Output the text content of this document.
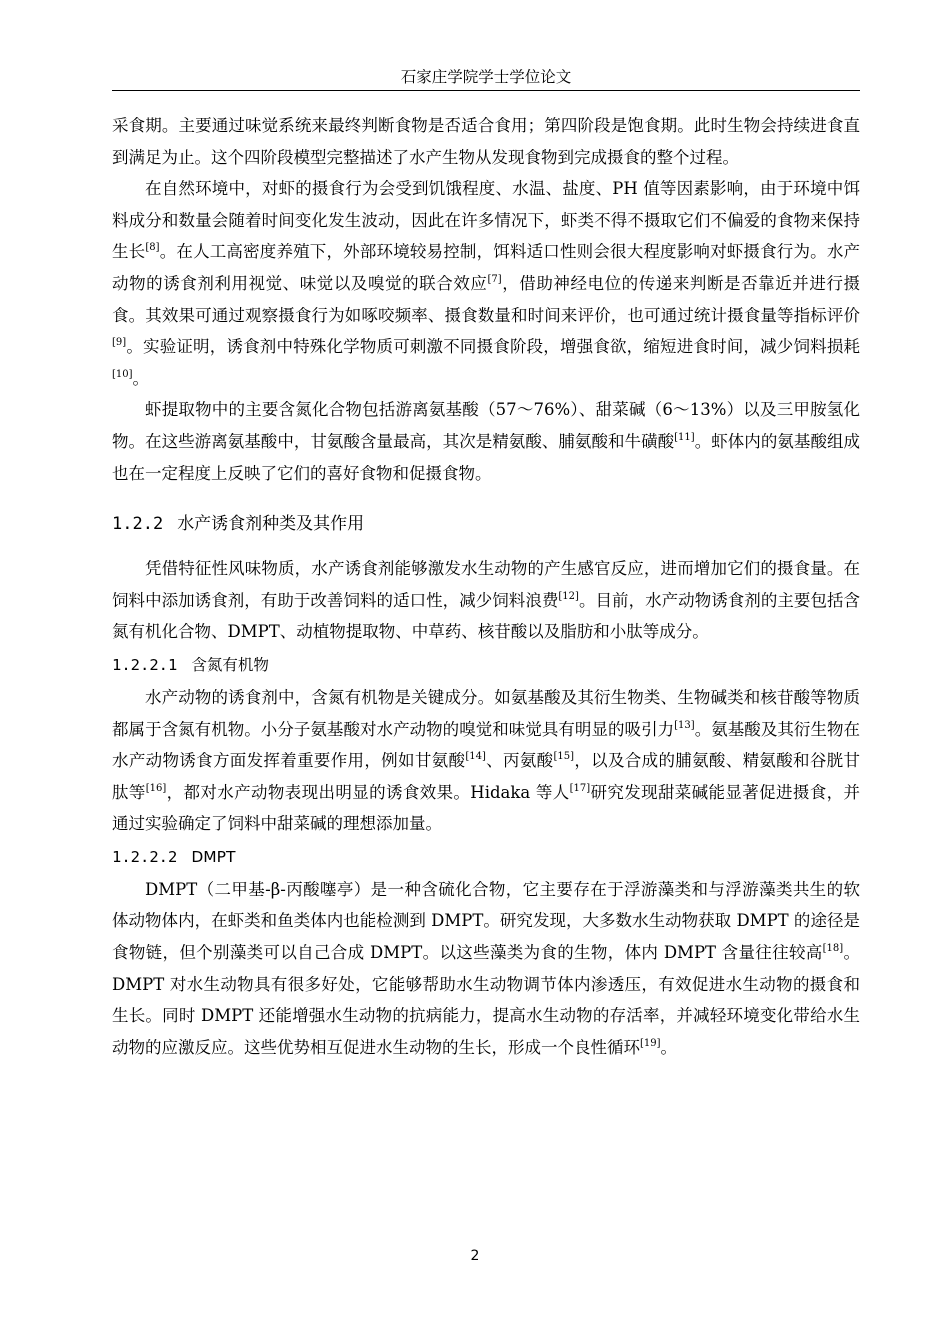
石家庄学院学士学位论文

采食期。主要通过味觉系统来最终判断食物是否适合食用；第四阶段是饱食期。此时生物会持续进食直到满足为止。这个四阶段模型完整描述了水产生物从发现食物到完成摄食的整个过程。

在自然环境中，对虾的摄食行为会受到饥饿程度、水温、盐度、PH 值等因素影响，由于环境中饵料成分和数量会随着时间变化发生波动，因此在许多情况下，虾类不得不摄取它们不偏爱的食物来保持生长[8]。在人工高密度养殖下，外部环境较易控制，饵料适口性则会很大程度影响对虾摄食行为。水产动物的诱食剂利用视觉、味觉以及嗅觉的联合效应[7]，借助神经电位的传递来判断是否靠近并进行摄食。其效果可通过观察摄食行为如啄咬频率、摄食数量和时间来评价，也可通过统计摄食量等指标评价[9]。实验证明，诱食剂中特殊化学物质可刺激不同摄食阶段，增强食欲，缩短进食时间，减少饲料损耗[10]。

虾提取物中的主要含氮化合物包括游离氨基酸（57～76%）、甜菜碱（6～13%）以及三甲胺氢化物。在这些游离氨基酸中，甘氨酸含量最高，其次是精氨酸、脯氨酸和牛磺酸[11]。虾体内的氨基酸组成也在一定程度上反映了它们的喜好食物和促摄食物。

1.2.2 水产诱食剂种类及其作用

凭借特征性风味物质，水产诱食剂能够激发水生动物的产生感官反应，进而增加它们的摄食量。在饲料中添加诱食剂，有助于改善饲料的适口性，减少饲料浪费[12]。目前，水产动物诱食剂的主要包括含氮有机化合物、DMPT、动植物提取物、中草药、核苷酸以及脂肪和小肽等成分。

1.2.2.1 含氮有机物

水产动物的诱食剂中，含氮有机物是关键成分。如氨基酸及其衍生物类、生物碱类和核苷酸等物质都属于含氮有机物。小分子氨基酸对水产动物的嗅觉和味觉具有明显的吸引力[13]。氨基酸及其衍生物在水产动物诱食方面发挥着重要作用，例如甘氨酸[14]、丙氨酸[15]，以及合成的脯氨酸、精氨酸和谷胱甘肽等[16]，都对水产动物表现出明显的诱食效果。Hidaka 等人[17]研究发现甜菜碱能显著促进摄食，并通过实验确定了饲料中甜菜碱的理想添加量。

1.2.2.2 DMPT

DMPT（二甲基-β-丙酸噻亭）是一种含硫化合物，它主要存在于浮游藻类和与浮游藻类共生的软体动物体内，在虾类和鱼类体内也能检测到 DMPT。研究发现，大多数水生动物获取 DMPT 的途径是食物链，但个别藻类可以自己合成 DMPT。以这些藻类为食的生物，体内 DMPT 含量往往较高[18]。DMPT 对水生动物具有很多好处，它能够帮助水生动物调节体内渗透压，有效促进水生动物的摄食和生长。同时 DMPT 还能增强水生动物的抗病能力，提高水生动物的存活率，并减轻环境变化带给水生动物的应激反应。这些优势相互促进水生动物的生长，形成一个良性循环[19]。

2
